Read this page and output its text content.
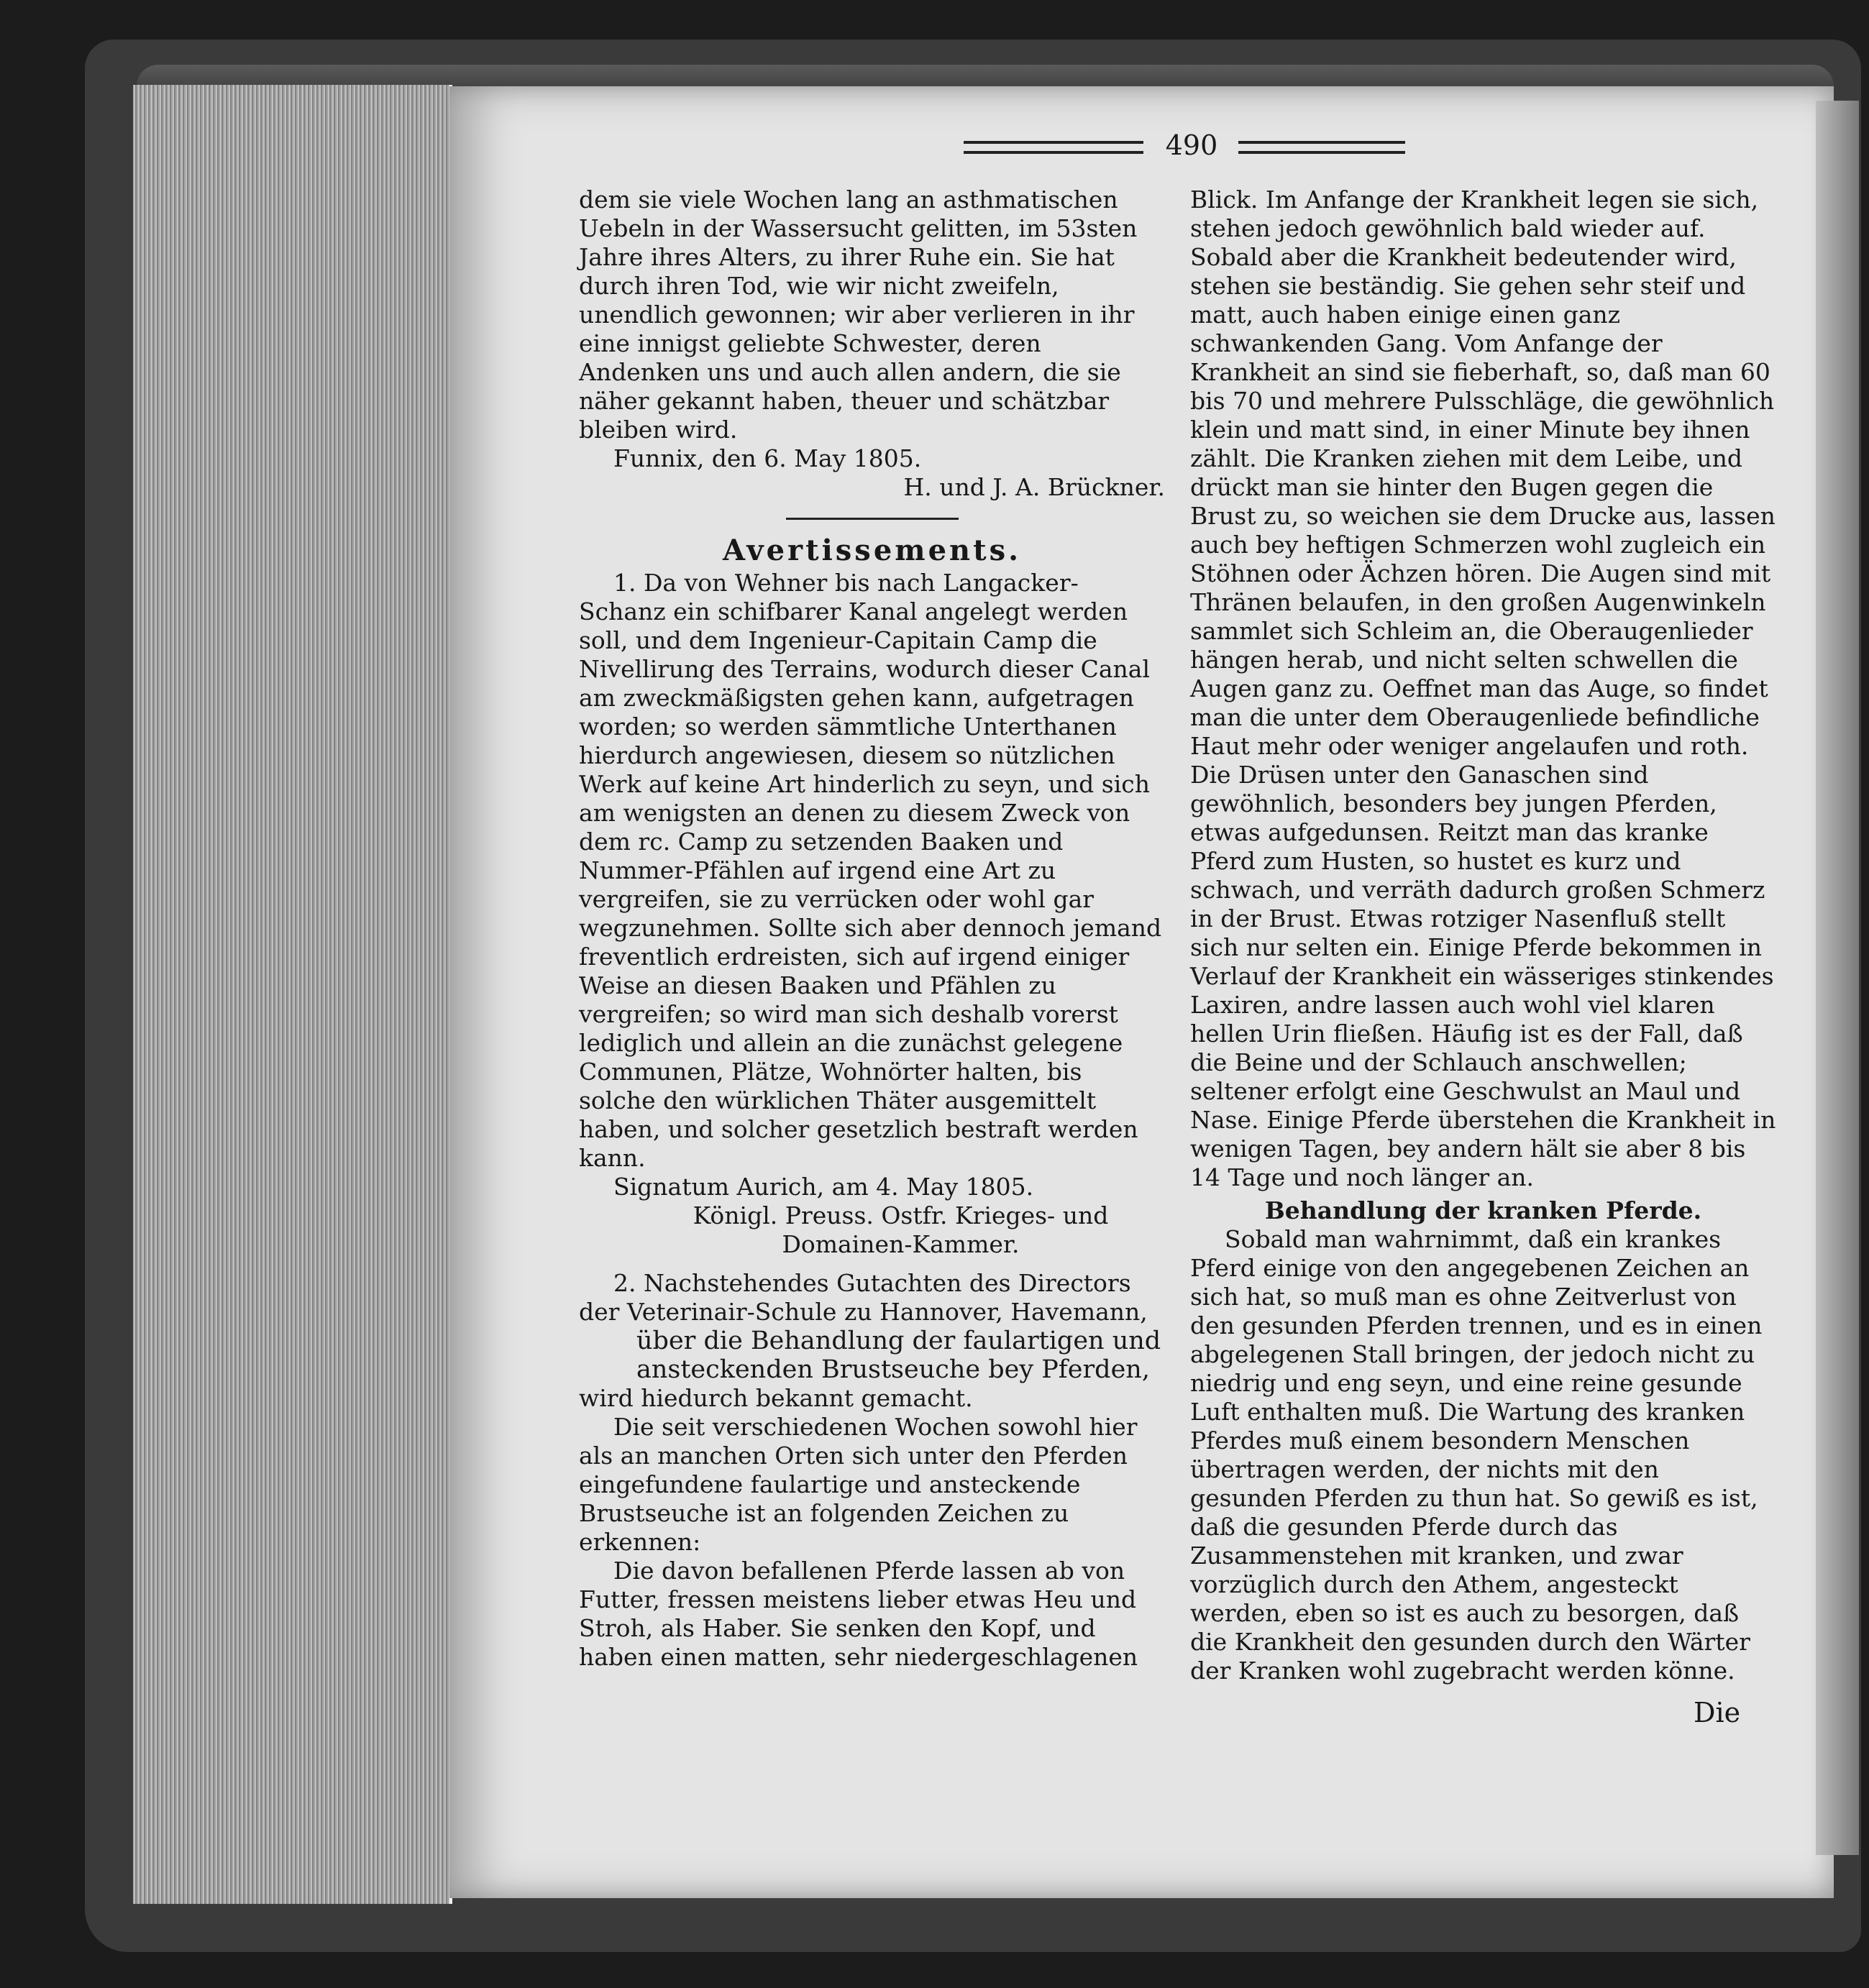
490

dem sie viele Wochen lang an asthmatischen Uebeln in der Wassersucht gelitten, im 53sten Jahre ihres Alters, zu ihrer Ruhe ein. Sie hat durch ihren Tod, wie wir nicht zweifeln, unendlich gewonnen; wir aber verlieren in ihr eine innigst geliebte Schwester, deren Andenken uns und auch allen andern, die sie näher gekannt haben, theuer und schätzbar bleiben wird.

Funnix, den 6. May 1805.

H. und J. A. Brückner.

Avertissements.

1. Da von Wehner bis nach Langacker-Schanz ein schifbarer Kanal angelegt werden soll, und dem Ingenieur-Capitain Camp die Nivellirung des Terrains, wodurch dieser Canal am zweckmäßigsten gehen kann, aufgetragen worden; so werden sämmtliche Unterthanen hierdurch angewiesen, diesem so nützlichen Werk auf keine Art hinderlich zu seyn, und sich am wenigsten an denen zu diesem Zweck von dem rc. Camp zu setzenden Baaken und Nummer-Pfählen auf irgend eine Art zu vergreifen, sie zu verrücken oder wohl gar wegzunehmen. Sollte sich aber dennoch jemand freventlich erdreisten, sich auf irgend einiger Weise an diesen Baaken und Pfählen zu vergreifen; so wird man sich deshalb vorerst lediglich und allein an die zunächst gelegene Communen, Plätze, Wohnörter halten, bis solche den würklichen Thäter ausgemittelt haben, und solcher gesetzlich bestraft werden kann.

Signatum Aurich, am 4. May 1805.

Königl. Preuss. Ostfr. Krieges- und Domainen-Kammer.

2. Nachstehendes Gutachten des Directors der Veterinair-Schule zu Hannover, Havemann,

über die Behandlung der faulartigen und ansteckenden Brustseuche bey Pferden,

wird hiedurch bekannt gemacht.

Die seit verschiedenen Wochen sowohl hier als an manchen Orten sich unter den Pferden eingefundene faulartige und ansteckende Brustseuche ist an folgenden Zeichen zu erkennen:

Die davon befallenen Pferde lassen ab von Futter, fressen meistens lieber etwas Heu und Stroh, als Haber. Sie senken den Kopf, und haben einen matten, sehr niedergeschlagenen

Blick. Im Anfange der Krankheit legen sie sich, stehen jedoch gewöhnlich bald wieder auf. Sobald aber die Krankheit bedeutender wird, stehen sie beständig. Sie gehen sehr steif und matt, auch haben einige einen ganz schwankenden Gang. Vom Anfange der Krankheit an sind sie fieberhaft, so, daß man 60 bis 70 und mehrere Pulsschläge, die gewöhnlich klein und matt sind, in einer Minute bey ihnen zählt. Die Kranken ziehen mit dem Leibe, und drückt man sie hinter den Bugen gegen die Brust zu, so weichen sie dem Drucke aus, lassen auch bey heftigen Schmerzen wohl zugleich ein Stöhnen oder Ächzen hören. Die Augen sind mit Thränen belaufen, in den großen Augenwinkeln sammlet sich Schleim an, die Oberaugenlieder hängen herab, und nicht selten schwellen die Augen ganz zu. Oeffnet man das Auge, so findet man die unter dem Oberaugenliede befindliche Haut mehr oder weniger angelaufen und roth. Die Drüsen unter den Ganaschen sind gewöhnlich, besonders bey jungen Pferden, etwas aufgedunsen. Reitzt man das kranke Pferd zum Husten, so hustet es kurz und schwach, und verräth dadurch großen Schmerz in der Brust. Etwas rotziger Nasenfluß stellt sich nur selten ein. Einige Pferde bekommen in Verlauf der Krankheit ein wässeriges stinkendes Laxiren, andre lassen auch wohl viel klaren hellen Urin fließen. Häufig ist es der Fall, daß die Beine und der Schlauch anschwellen; seltener erfolgt eine Geschwulst an Maul und Nase. Einige Pferde überstehen die Krankheit in wenigen Tagen, bey andern hält sie aber 8 bis 14 Tage und noch länger an.

Behandlung der kranken Pferde.

Sobald man wahrnimmt, daß ein krankes Pferd einige von den angegebenen Zeichen an sich hat, so muß man es ohne Zeitverlust von den gesunden Pferden trennen, und es in einen abgelegenen Stall bringen, der jedoch nicht zu niedrig und eng seyn, und eine reine gesunde Luft enthalten muß. Die Wartung des kranken Pferdes muß einem besondern Menschen übertragen werden, der nichts mit den gesunden Pferden zu thun hat. So gewiß es ist, daß die gesunden Pferde durch das Zusammenstehen mit kranken, und zwar vorzüglich durch den Athem, angesteckt werden, eben so ist es auch zu besorgen, daß die Krankheit den gesunden durch den Wärter der Kranken wohl zugebracht werden könne.

Die
